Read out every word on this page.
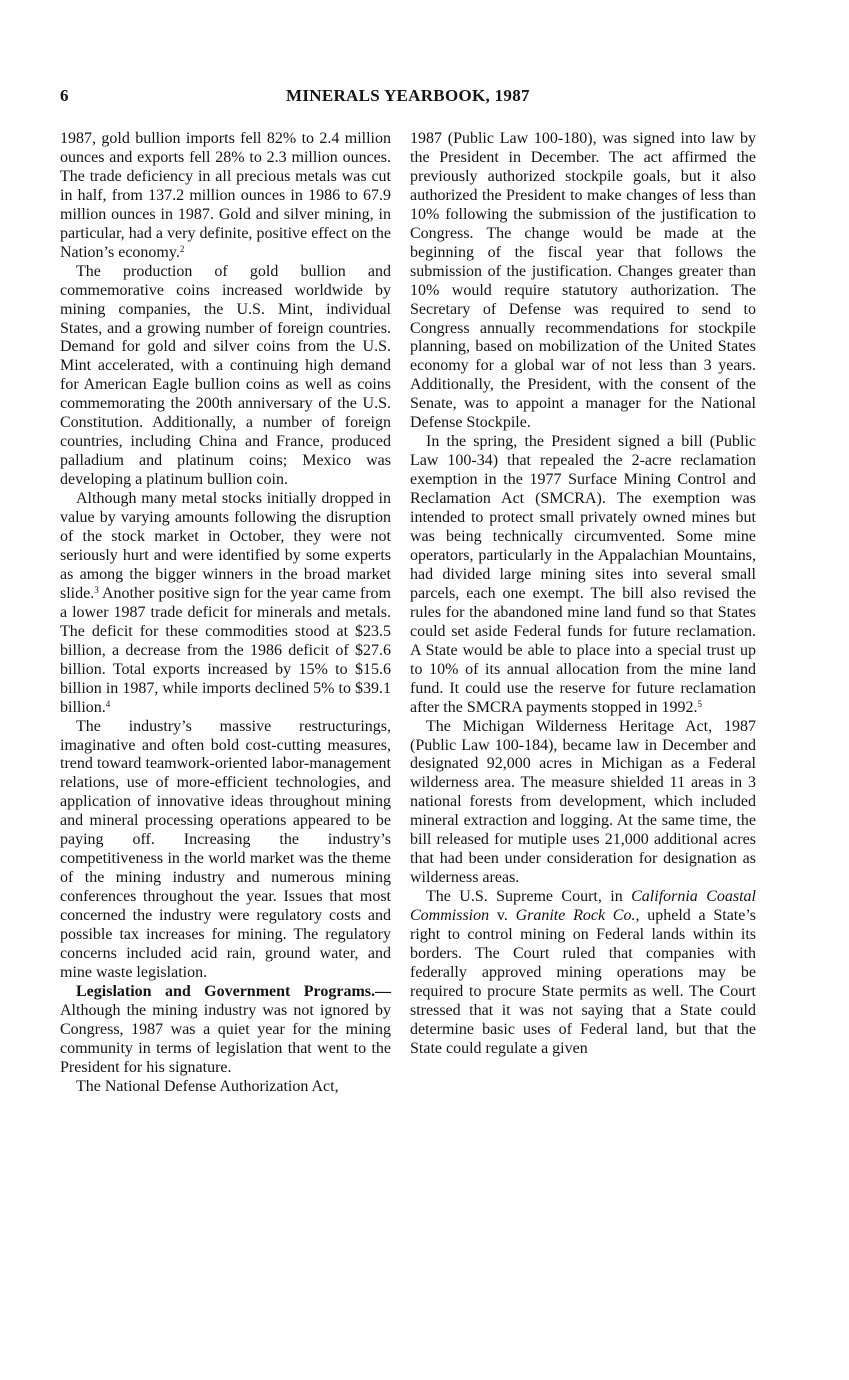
6	MINERALS YEARBOOK, 1987

1987, gold bullion imports fell 82% to 2.4 million ounces and exports fell 28% to 2.3 million ounces. The trade deficiency in all precious metals was cut in half, from 137.2 million ounces in 1986 to 67.9 million ounces in 1987. Gold and silver mining, in particular, had a very definite, positive effect on the Nation’s economy.$^2$

The production of gold bullion and commemorative coins increased worldwide by mining companies, the U.S. Mint, individual States, and a growing number of foreign countries. Demand for gold and silver coins from the U.S. Mint accelerated, with a continuing high demand for American Eagle bullion coins as well as coins commemorating the 200th anniversary of the U.S. Constitution. Additionally, a number of foreign countries, including China and France, produced palladium and platinum coins; Mexico was developing a platinum bullion coin.

Although many metal stocks initially dropped in value by varying amounts following the disruption of the stock market in October, they were not seriously hurt and were identified by some experts as among the bigger winners in the broad market slide.$^3$ Another positive sign for the year came from a lower 1987 trade deficit for minerals and metals. The deficit for these commodities stood at $23.5 billion, a decrease from the 1986 deficit of $27.6 billion. Total exports increased by 15% to $15.6 billion in 1987, while imports declined 5% to $39.1 billion.$^4$

The industry’s massive restructurings, imaginative and often bold cost-cutting measures, trend toward teamwork-oriented labor-management relations, use of more-efficient technologies, and application of innovative ideas throughout mining and mineral processing operations appeared to be paying off. Increasing the industry’s competitiveness in the world market was the theme of the mining industry and numerous mining conferences throughout the year. Issues that most concerned the industry were regulatory costs and possible tax increases for mining. The regulatory concerns included acid rain, ground water, and mine waste legislation.

Legislation and Government Programs.—Although the mining industry was not ignored by Congress, 1987 was a quiet year for the mining community in terms of legislation that went to the President for his signature.

The National Defense Authorization Act,

1987 (Public Law 100-180), was signed into law by the President in December. The act affirmed the previously authorized stockpile goals, but it also authorized the President to make changes of less than 10% following the submission of the justification to Congress. The change would be made at the beginning of the fiscal year that follows the submission of the justification. Changes greater than 10% would require statutory authorization. The Secretary of Defense was required to send to Congress annually recommendations for stockpile planning, based on mobilization of the United States economy for a global war of not less than 3 years. Additionally, the President, with the consent of the Senate, was to appoint a manager for the National Defense Stockpile.

In the spring, the President signed a bill (Public Law 100-34) that repealed the 2-acre reclamation exemption in the 1977 Surface Mining Control and Reclamation Act (SMCRA). The exemption was intended to protect small privately owned mines but was being technically circumvented. Some mine operators, particularly in the Appalachian Mountains, had divided large mining sites into several small parcels, each one exempt. The bill also revised the rules for the abandoned mine land fund so that States could set aside Federal funds for future reclamation. A State would be able to place into a special trust up to 10% of its annual allocation from the mine land fund. It could use the reserve for future reclamation after the SMCRA payments stopped in 1992.$^5$

The Michigan Wilderness Heritage Act, 1987 (Public Law 100-184), became law in December and designated 92,000 acres in Michigan as a Federal wilderness area. The measure shielded 11 areas in 3 national forests from development, which included mineral extraction and logging. At the same time, the bill released for mutiple uses 21,000 additional acres that had been under consideration for designation as wilderness areas.

The U.S. Supreme Court, in California Coastal Commission v. Granite Rock Co., upheld a State’s right to control mining on Federal lands within its borders. The Court ruled that companies with federally approved mining operations may be required to procure State permits as well. The Court stressed that it was not saying that a State could determine basic uses of Federal land, but that the State could regulate a given
